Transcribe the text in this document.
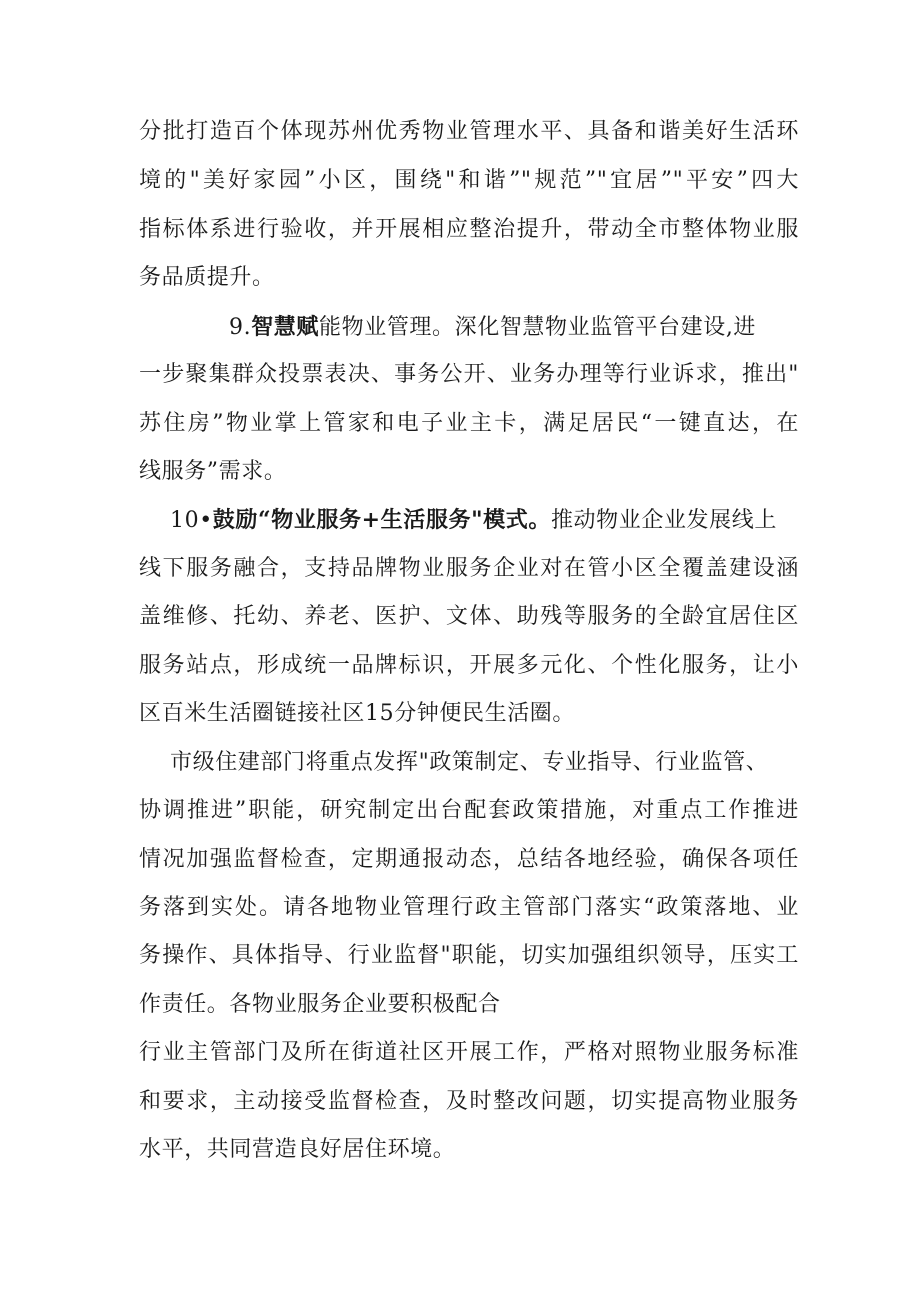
分批打造百个体现苏州优秀物业管理水平、具备和谐美好生活环
境的"美好家园”小区，围绕"和谐”"规范”"宜居”"平安”四大
指标体系进行验收，并开展相应整治提升，带动全市整体物业服
务品质提升。
9.智慧赋能物业管理。深化智慧物业监管平台建设,进
一步聚集群众投票表决、事务公开、业务办理等行业诉求，推出"
苏住房”物业掌上管家和电子业主卡，满足居民“一键直达，在
线服务”需求。
10•鼓励“物业服务+生活服务"模式。推动物业企业发展线上
线下服务融合，支持品牌物业服务企业对在管小区全覆盖建设涵
盖维修、托幼、养老、医护、文体、助残等服务的全龄宜居住区
服务站点，形成统一品牌标识，开展多元化、个性化服务，让小
区百米生活圈链接社区15分钟便民生活圈。
市级住建部门将重点发挥"政策制定、专业指导、行业监管、
协调推进”职能，研究制定出台配套政策措施，对重点工作推进
情况加强监督检查，定期通报动态，总结各地经验，确保各项任
务落到实处。请各地物业管理行政主管部门落实“政策落地、业
务操作、具体指导、行业监督"职能，切实加强组织领导，压实工
作责任。各物业服务企业要积极配合
行业主管部门及所在街道社区开展工作，严格对照物业服务标准
和要求，主动接受监督检查，及时整改问题，切实提高物业服务
水平，共同营造良好居住环境。
